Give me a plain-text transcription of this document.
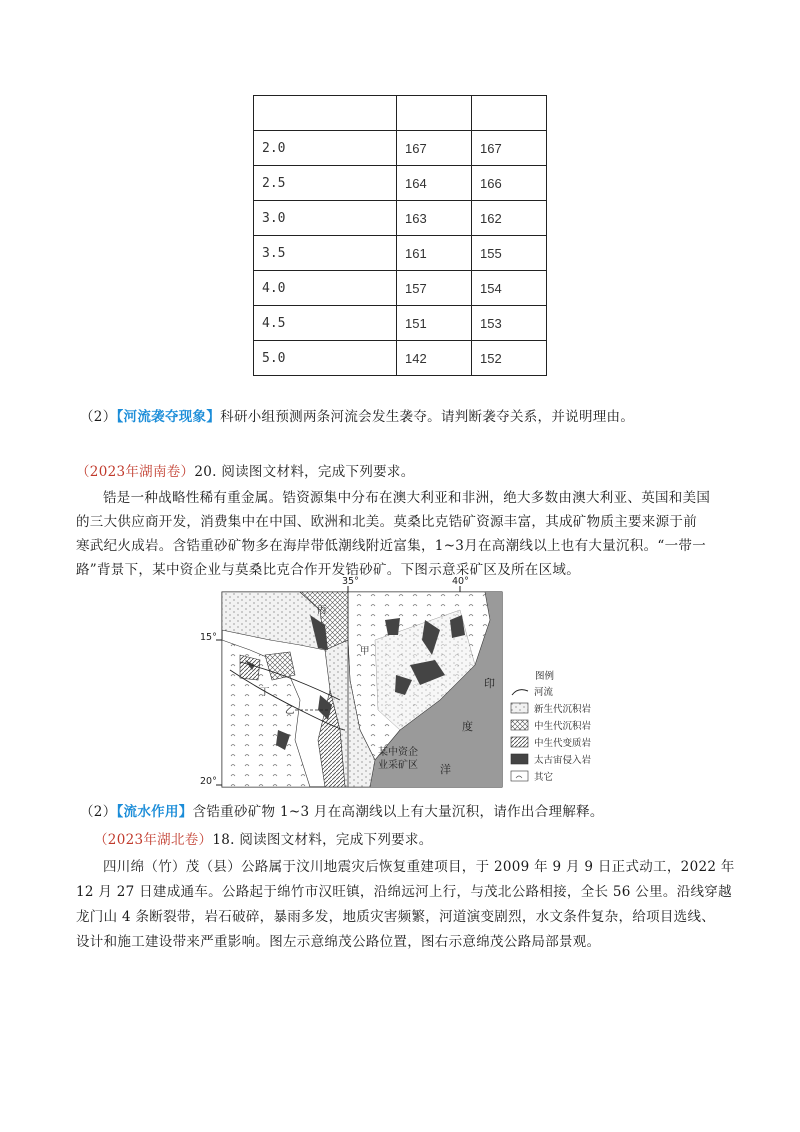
2.0	167	167
2.5	164	166
3.0	163	162
3.5	161	155
4.0	157	154
4.5	151	153
5.0	142	152
（2）【河流袭夺现象】科研小组预测两条河流会发生袭夺。请判断袭夺关系，并说明理由。
（2023年湖南卷）20. 阅读图文材料，完成下列要求。
锆是一种战略性稀有重金属。锆资源集中分布在澳大利亚和非洲，绝大多数由澳大利亚、英国和美国
的三大供应商开发，消费集中在中国、欧洲和北美。莫桑比克锆矿资源丰富，其成矿物质主要来源于前
寒武纪火成岩。含锆重砂矿物多在海岸带低潮线附近富集，1~3月在高潮线以上也有大量沉积。“一带一
路”背景下，某中资企业与莫桑比克合作开发锆砂矿。下图示意采矿区及所在区域。
35°	40°
15°
20°
丙
甲
丁
乙
某中资企
业采矿区
印
度
洋
图例
河流
新生代沉积岩
中生代沉积岩
中生代变质岩
太古宙侵入岩
其它
（2）【流水作用】含锆重砂矿物 1~3 月在高潮线以上有大量沉积，请作出合理解释。
（2023年湖北卷）18. 阅读图文材料，完成下列要求。
四川绵（竹）茂（县）公路属于汶川地震灾后恢复重建项目，于 2009 年 9 月 9 日正式动工，2022 年
12 月 27 日建成通车。公路起于绵竹市汉旺镇，沿绵远河上行，与茂北公路相接，全长 56 公里。沿线穿越
龙门山 4 条断裂带，岩石破碎，暴雨多发，地质灾害频繁，河道演变剧烈，水文条件复杂，给项目选线、
设计和施工建设带来严重影响。图左示意绵茂公路位置，图右示意绵茂公路局部景观。
